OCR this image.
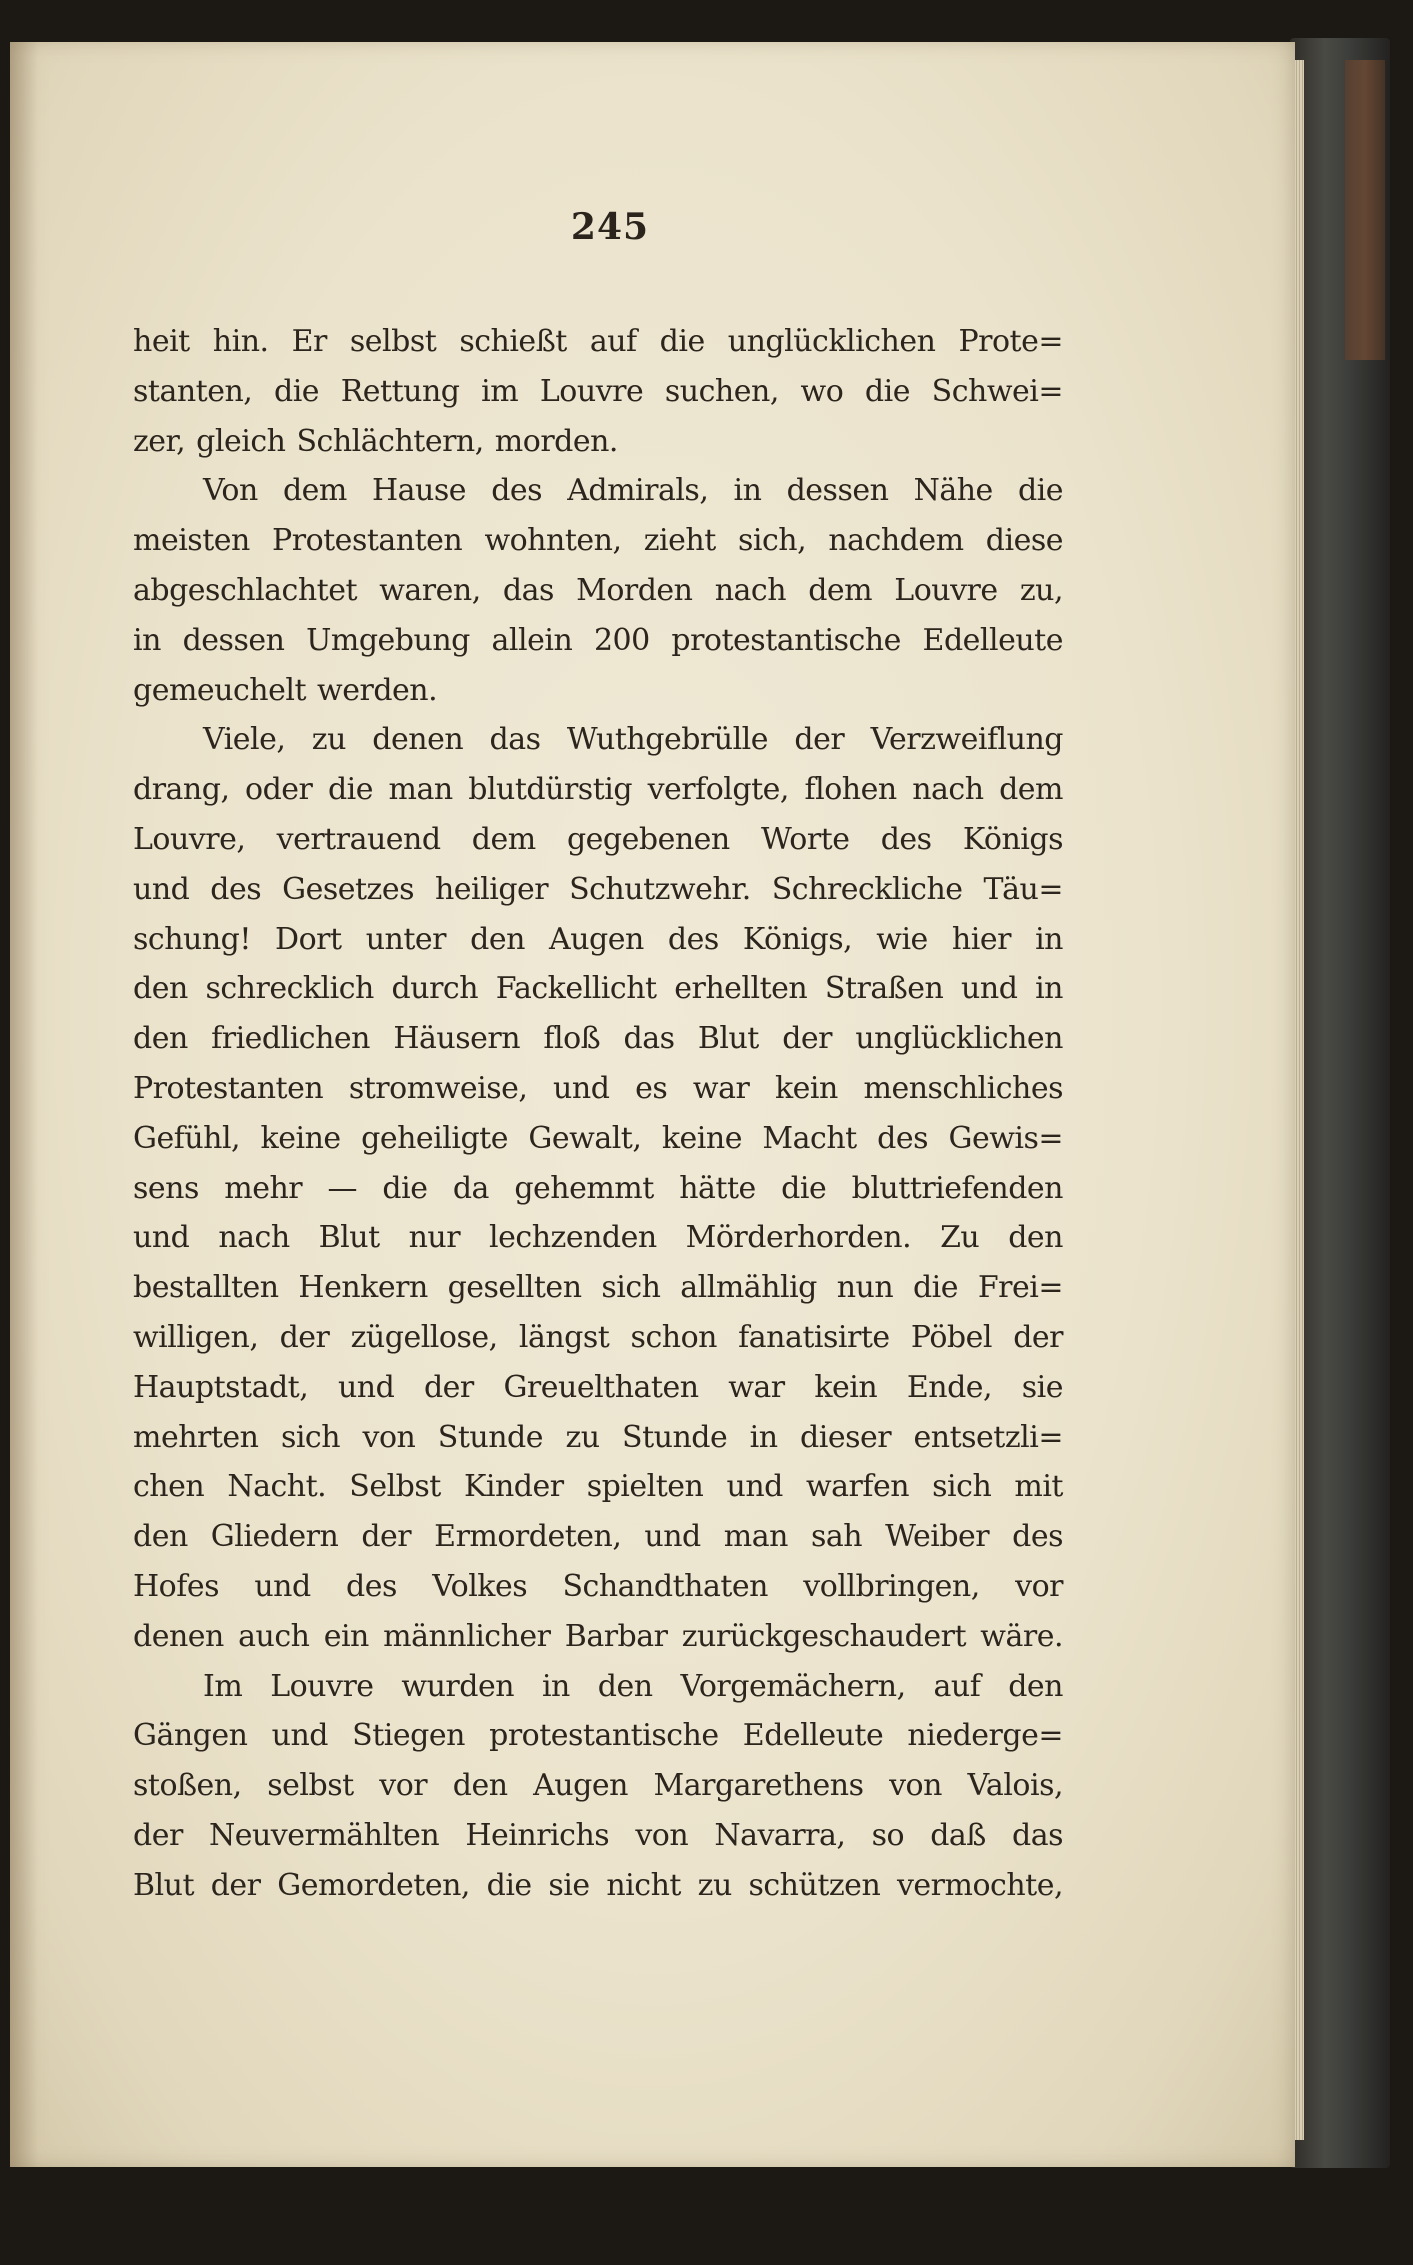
245
heit hin. Er selbst schießt auf die unglücklichen Prote=
stanten, die Rettung im Louvre suchen, wo die Schwei=
zer, gleich Schlächtern, morden.
Von dem Hause des Admirals, in dessen Nähe die
meisten Protestanten wohnten, zieht sich, nachdem diese
abgeschlachtet waren, das Morden nach dem Louvre zu,
in dessen Umgebung allein 200 protestantische Edelleute
gemeuchelt werden.
Viele, zu denen das Wuthgebrülle der Verzweiflung
drang, oder die man blutdürstig verfolgte, flohen nach dem
Louvre, vertrauend dem gegebenen Worte des Königs
und des Gesetzes heiliger Schutzwehr. Schreckliche Täu=
schung! Dort unter den Augen des Königs, wie hier in
den schrecklich durch Fackellicht erhellten Straßen und in
den friedlichen Häusern floß das Blut der unglücklichen
Protestanten stromweise, und es war kein menschliches
Gefühl, keine geheiligte Gewalt, keine Macht des Gewis=
sens mehr — die da gehemmt hätte die bluttriefenden
und nach Blut nur lechzenden Mörderhorden. Zu den
bestallten Henkern gesellten sich allmählig nun die Frei=
willigen, der zügellose, längst schon fanatisirte Pöbel der
Hauptstadt, und der Greuelthaten war kein Ende, sie
mehrten sich von Stunde zu Stunde in dieser entsetzli=
chen Nacht. Selbst Kinder spielten und warfen sich mit
den Gliedern der Ermordeten, und man sah Weiber des
Hofes und des Volkes Schandthaten vollbringen, vor
denen auch ein männlicher Barbar zurückgeschaudert wäre.
Im Louvre wurden in den Vorgemächern, auf den
Gängen und Stiegen protestantische Edelleute niederge=
stoßen, selbst vor den Augen Margarethens von Valois,
der Neuvermählten Heinrichs von Navarra, so daß das
Blut der Gemordeten, die sie nicht zu schützen vermochte,
